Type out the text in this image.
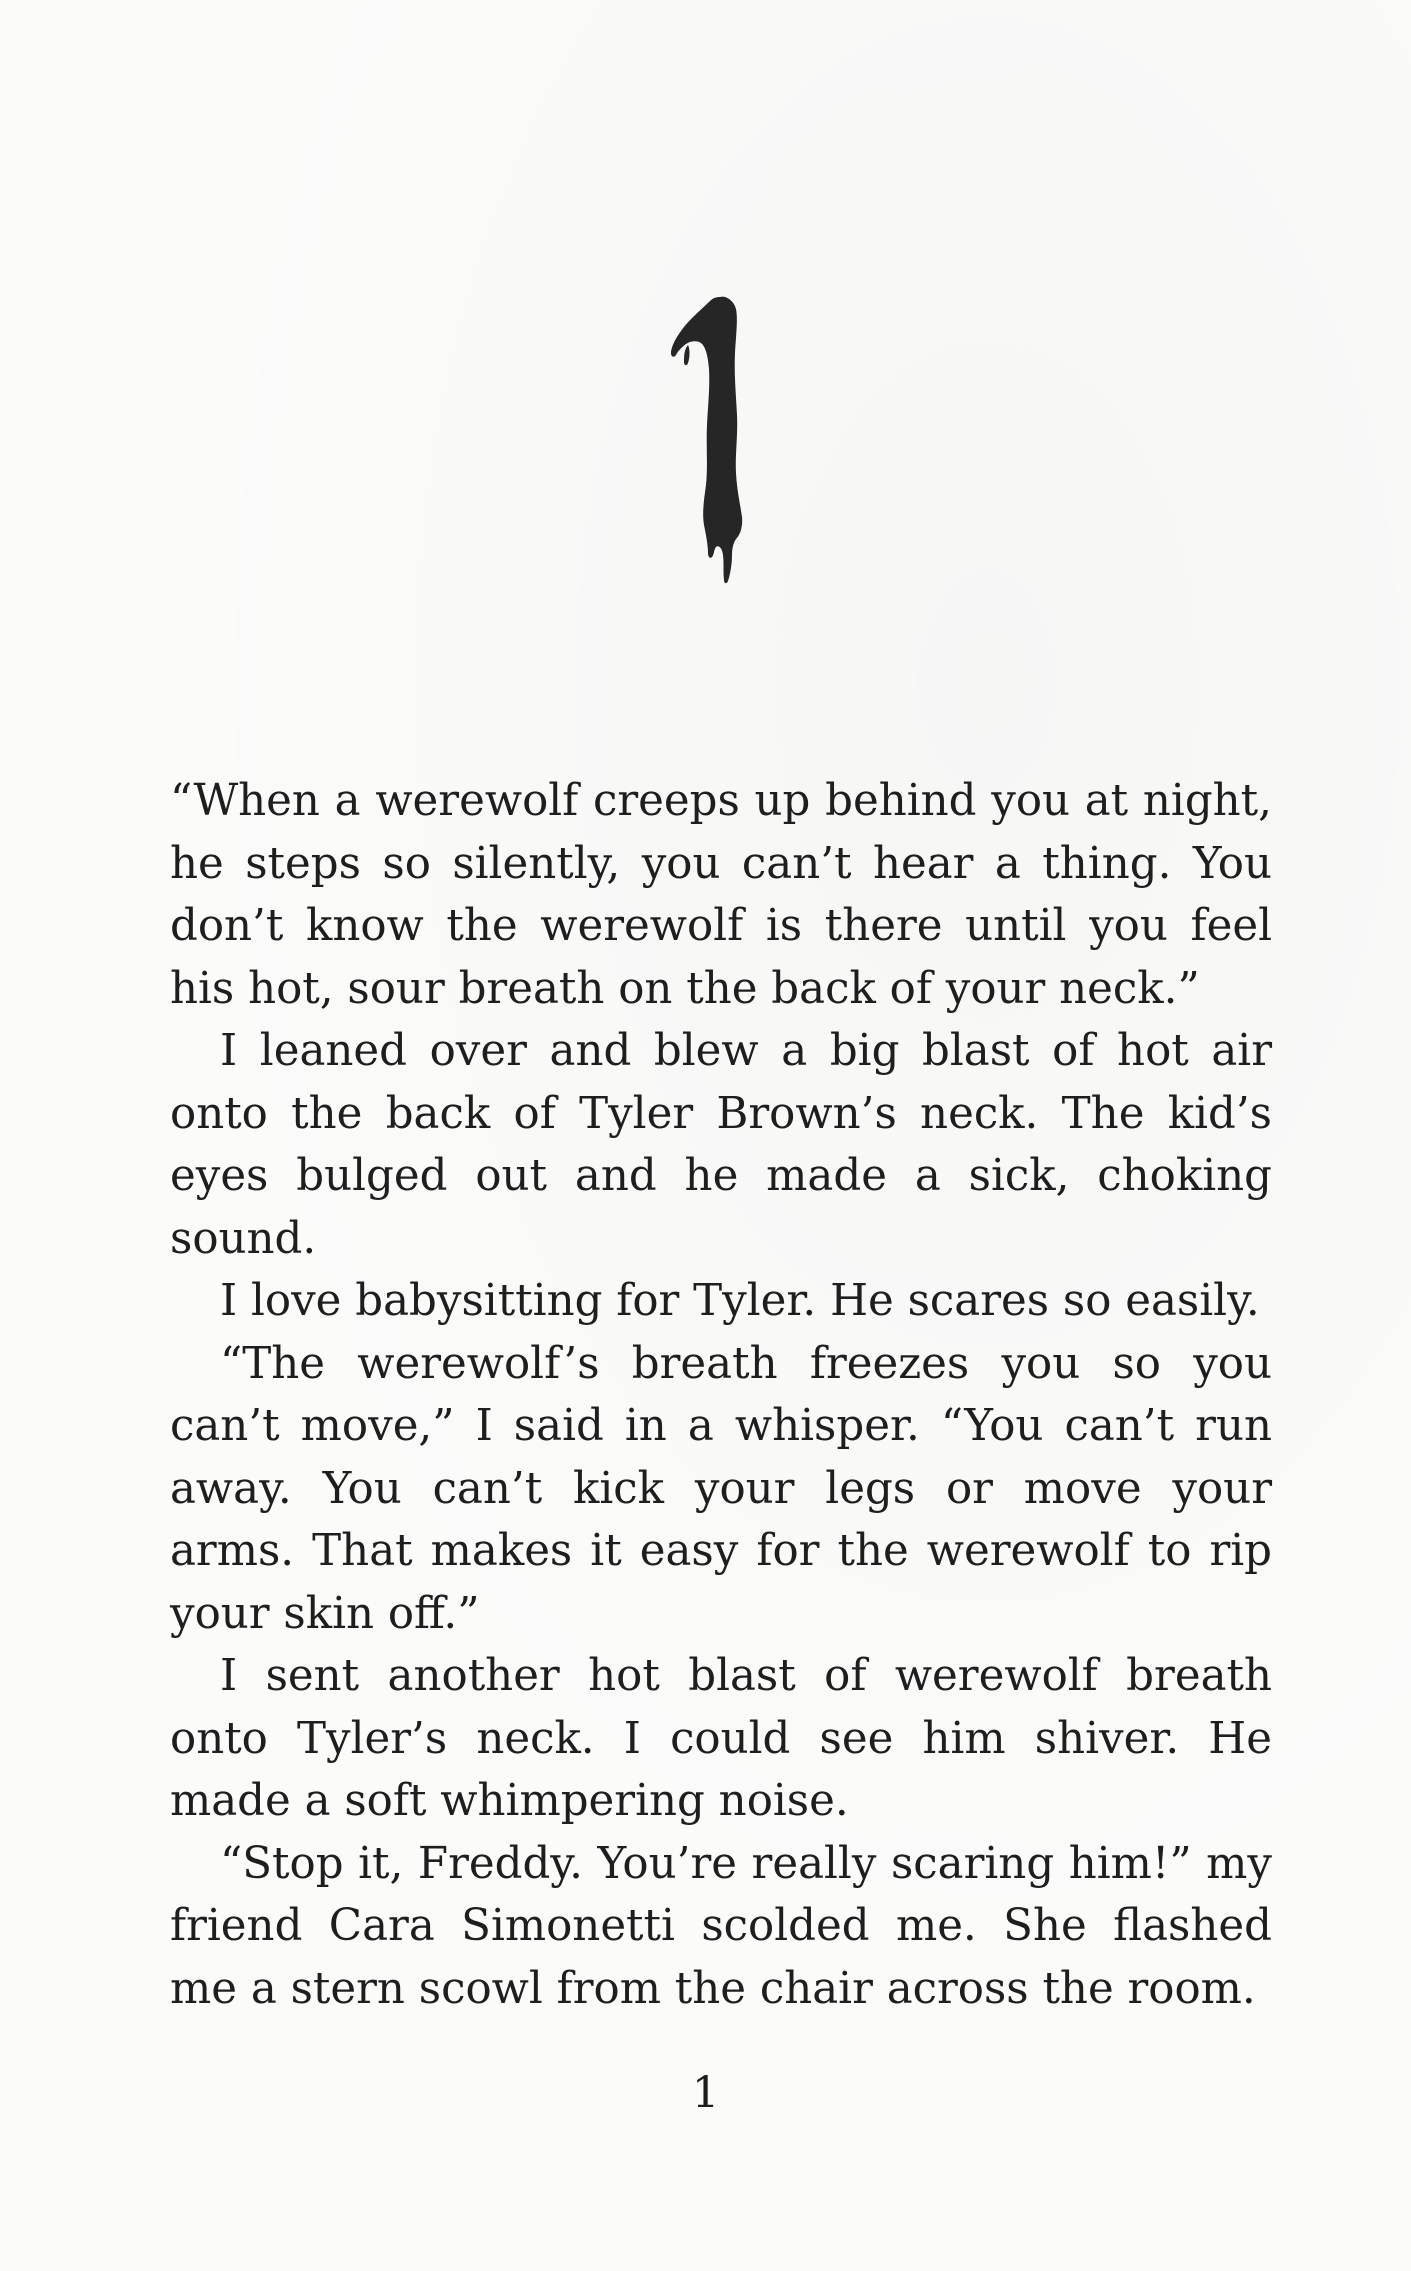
“When a werewolf creeps up behind you at night, he steps so silently, you can’t hear a thing. You don’t know the werewolf is there until you feel his hot, sour breath on the back of your neck.”

I leaned over and blew a big blast of hot air onto the back of Tyler Brown’s neck. The kid’s eyes bulged out and he made a sick, choking sound.

I love babysitting for Tyler. He scares so easily.

“The werewolf’s breath freezes you so you can’t move,” I said in a whisper. “You can’t run away. You can’t kick your legs or move your arms. That makes it easy for the werewolf to rip your skin off.”

I sent another hot blast of werewolf breath onto Tyler’s neck. I could see him shiver. He made a soft whimpering noise.

“Stop it, Freddy. You’re really scaring him!” my friend Cara Simonetti scolded me. She flashed me a stern scowl from the chair across the room.

1
